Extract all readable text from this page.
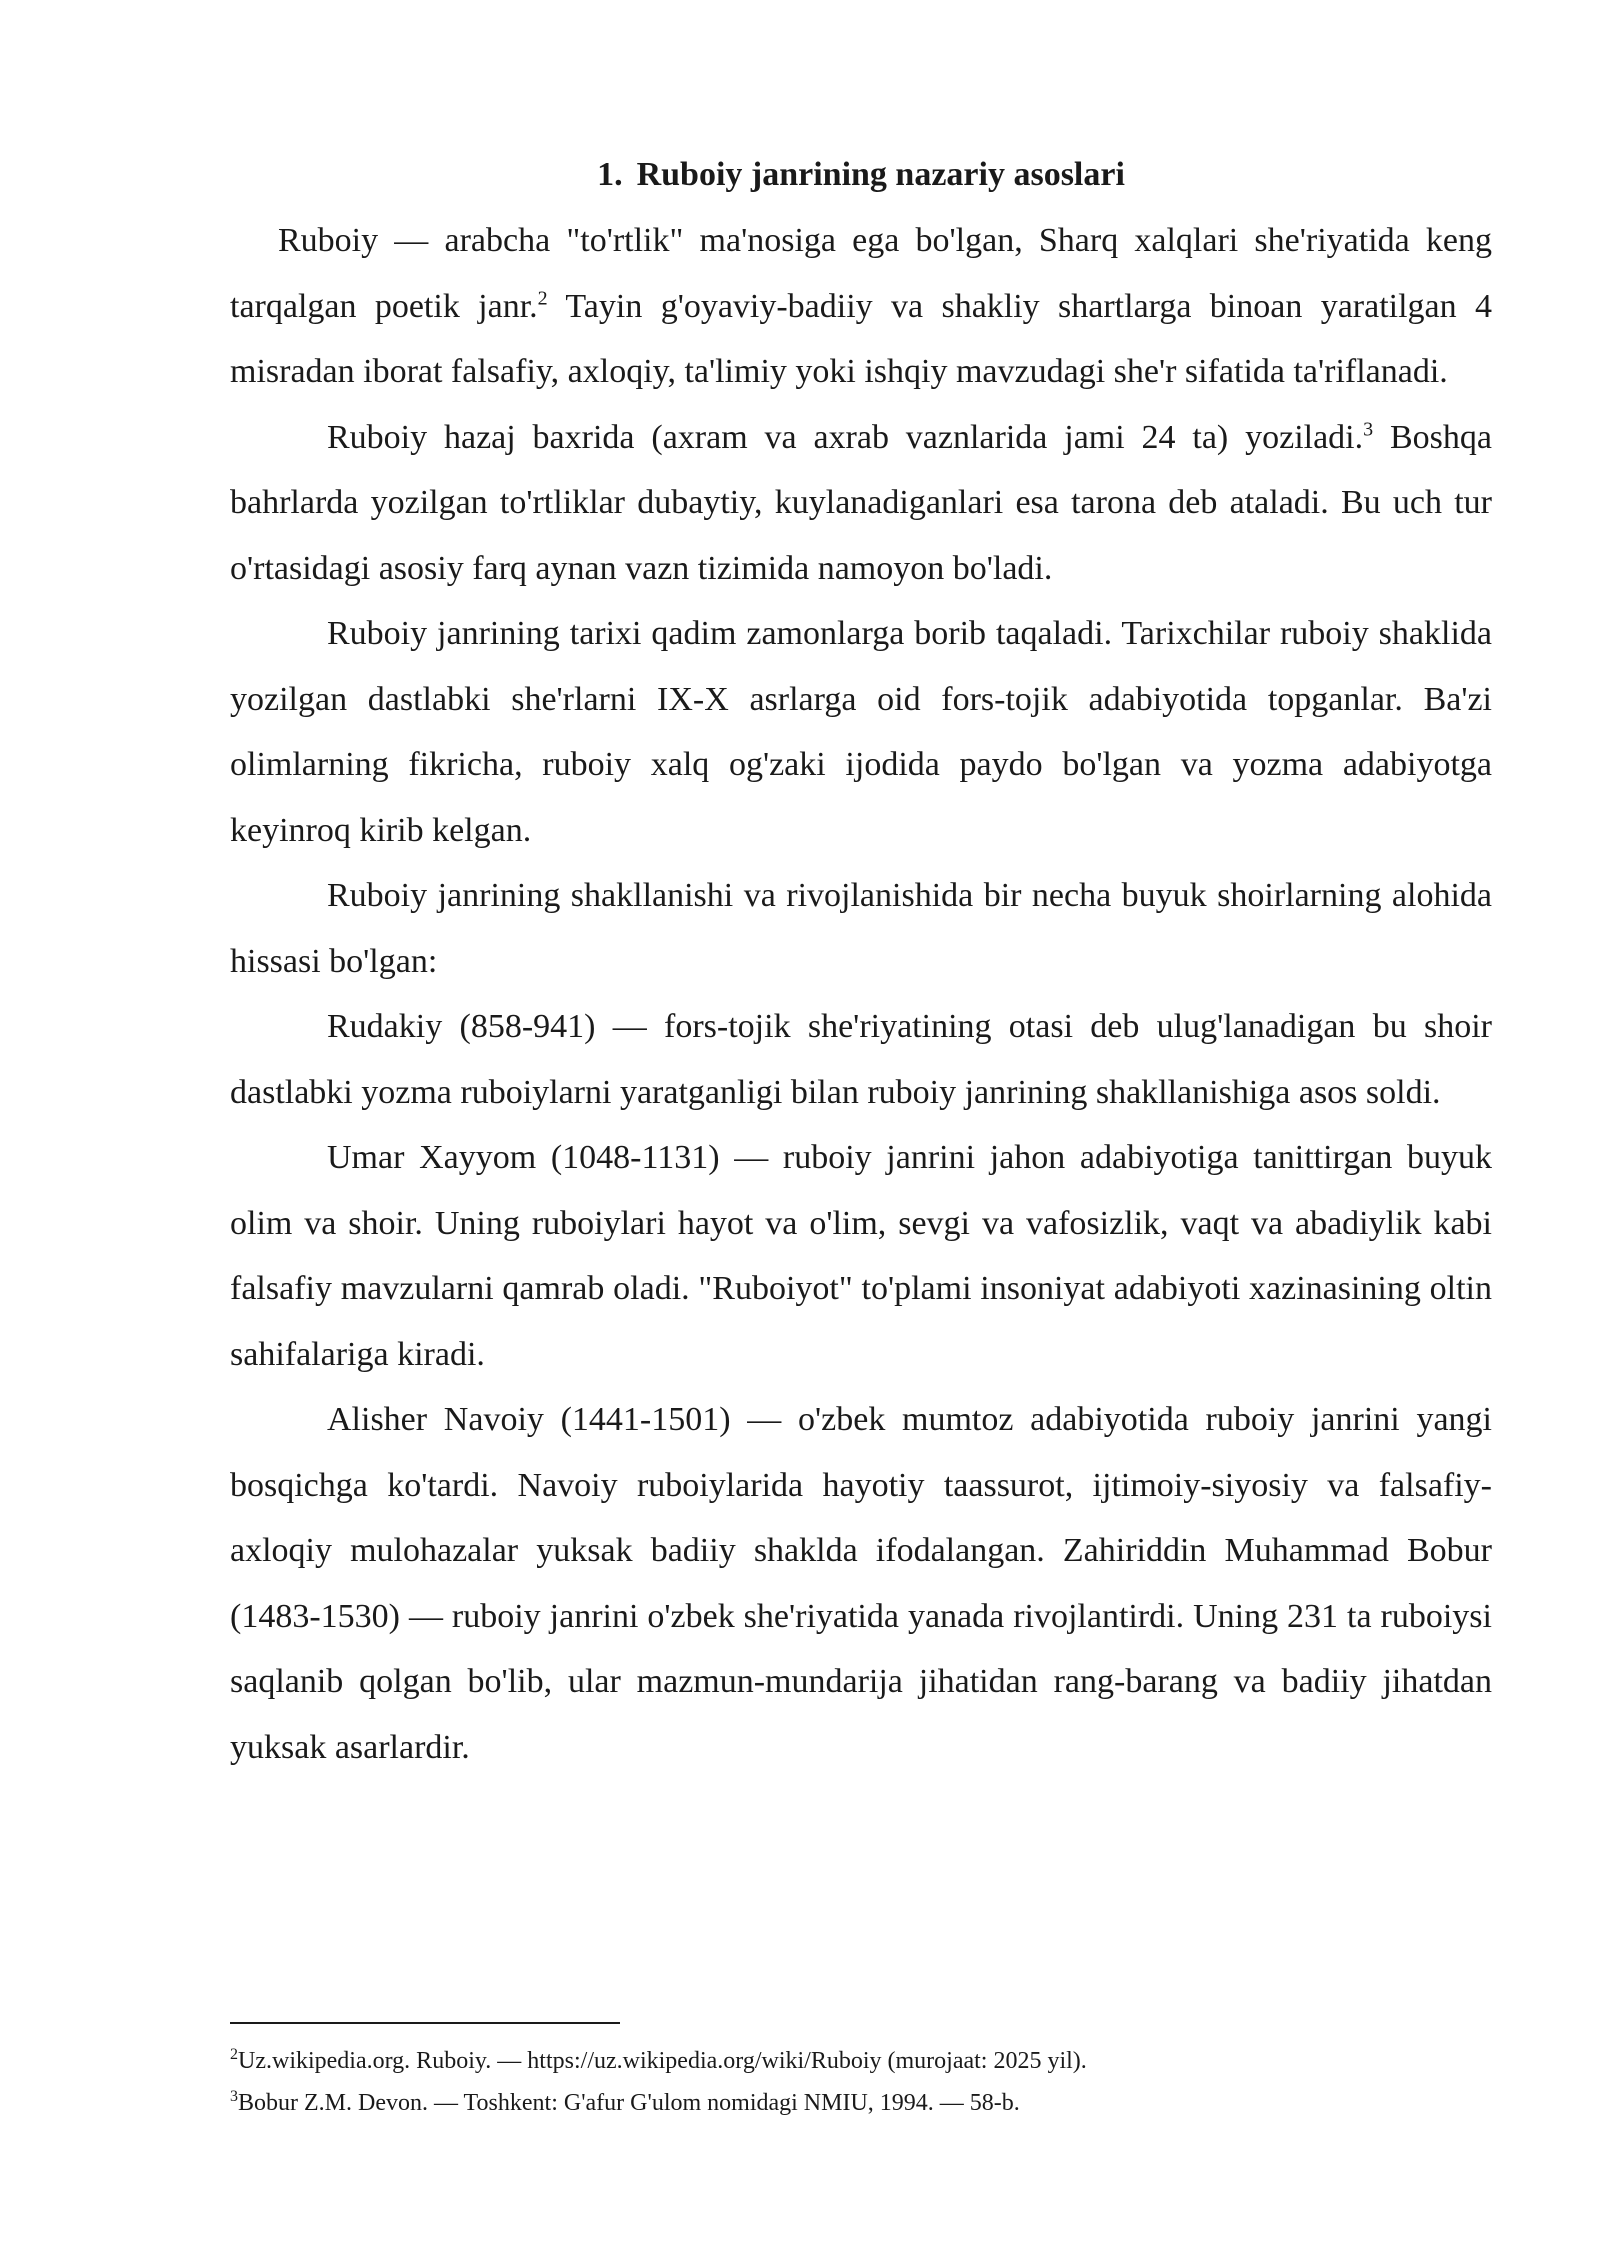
1. Ruboiy janrining nazariy asoslari

Ruboiy — arabcha "to'rtlik" ma'nosiga ega bo'lgan, Sharq xalqlari she'riyatida keng tarqalgan poetik janr.$^2$ Tayin g'oyaviy-badiiy va shakliy shartlarga binoan yaratilgan 4 misradan iborat falsafiy, axloqiy, ta'limiy yoki ishqiy mavzudagi she'r sifatida ta'riflanadi.

Ruboiy hazaj baxrida (axram va axrab vaznlarida jami 24 ta) yoziladi.$^3$ Boshqa bahrlarda yozilgan to'rtliklar dubaytiy, kuylanadiganlari esa tarona deb ataladi. Bu uch tur o'rtasidagi asosiy farq aynan vazn tizimida namoyon bo'ladi.

Ruboiy janrining tarixi qadim zamonlarga borib taqaladi. Tarixchilar ruboiy shaklida yozilgan dastlabki she'rlarni IX-X asrlarga oid fors-tojik adabiyotida topganlar. Ba'zi olimlarning fikricha, ruboiy xalq og'zaki ijodida paydo bo'lgan va yozma adabiyotga keyinroq kirib kelgan.

Ruboiy janrining shakllanishi va rivojlanishida bir necha buyuk shoirlarning alohida hissasi bo'lgan:

Rudakiy (858-941) — fors-tojik she'riyatining otasi deb ulug'lanadigan bu shoir dastlabki yozma ruboiylarni yaratganligi bilan ruboiy janrining shakllanishiga asos soldi.

Umar Xayyom (1048-1131) — ruboiy janrini jahon adabiyotiga tanittirgan buyuk olim va shoir. Uning ruboiylari hayot va o'lim, sevgi va vafosizlik, vaqt va abadiylik kabi falsafiy mavzularni qamrab oladi. "Ruboiyot" to'plami insoniyat adabiyoti xazinasining oltin sahifalariga kiradi.

Alisher Navoiy (1441-1501) — o'zbek mumtoz adabiyotida ruboiy janrini yangi bosqichga ko'tardi. Navoiy ruboiylarida hayotiy taassurot, ijtimoiy-siyosiy va falsafiy-axloqiy mulohazalar yuksak badiiy shaklda ifodalangan. Zahiriddin Muhammad Bobur (1483-1530) — ruboiy janrini o'zbek she'riyatida yanada rivojlantirdi. Uning 231 ta ruboiysi saqlanib qolgan bo'lib, ular mazmun-mundarija jihatidan rang-barang va badiiy jihatdan yuksak asarlardir.

$^2$Uz.wikipedia.org. Ruboiy. — https://uz.wikipedia.org/wiki/Ruboiy (murojaat: 2025 yil).

$^3$Bobur Z.M. Devon. — Toshkent: G'afur G'ulom nomidagi NMIU, 1994. — 58-b.
